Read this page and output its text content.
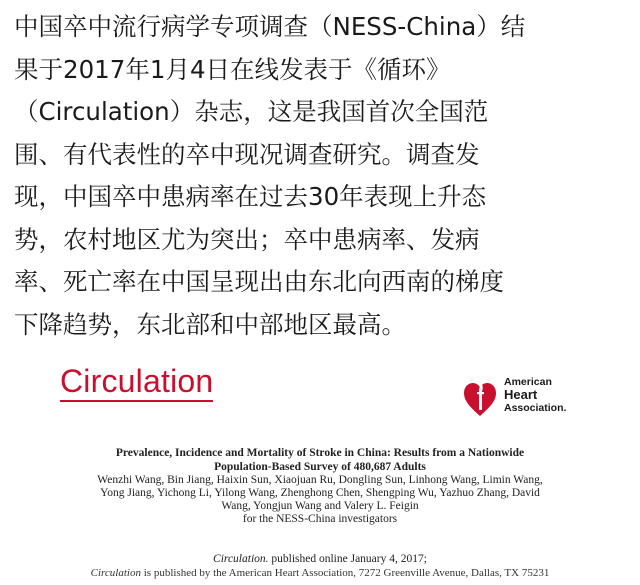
中国卒中流行病学专项调查（NESS-China）结
果于2017年1月4日在线发表于《循环》
（Circulation）杂志，这是我国首次全国范
围、有代表性的卒中现况调查研究。调查发
现，中国卒中患病率在过去30年表现上升态
势，农村地区尤为突出；卒中患病率、发病
率、死亡率在中国呈现出由东北向西南的梯度
下降趋势，东北部和中部地区最高。
Circulation	American
Heart
Association.
Prevalence, Incidence and Mortality of Stroke in China: Results from a Nationwide
Population-Based Survey of 480,687 Adults
Wenzhi Wang, Bin Jiang, Haixin Sun, Xiaojuan Ru, Dongling Sun, Linhong Wang, Limin Wang,
Yong Jiang, Yichong Li, Yilong Wang, Zhenghong Chen, Shengping Wu, Yazhuo Zhang, David
Wang, Yongjun Wang and Valery L. Feigin
for the NESS-China investigators
Circulation. published online January 4, 2017;
Circulation is published by the American Heart Association, 7272 Greenville Avenue, Dallas, TX 75231
